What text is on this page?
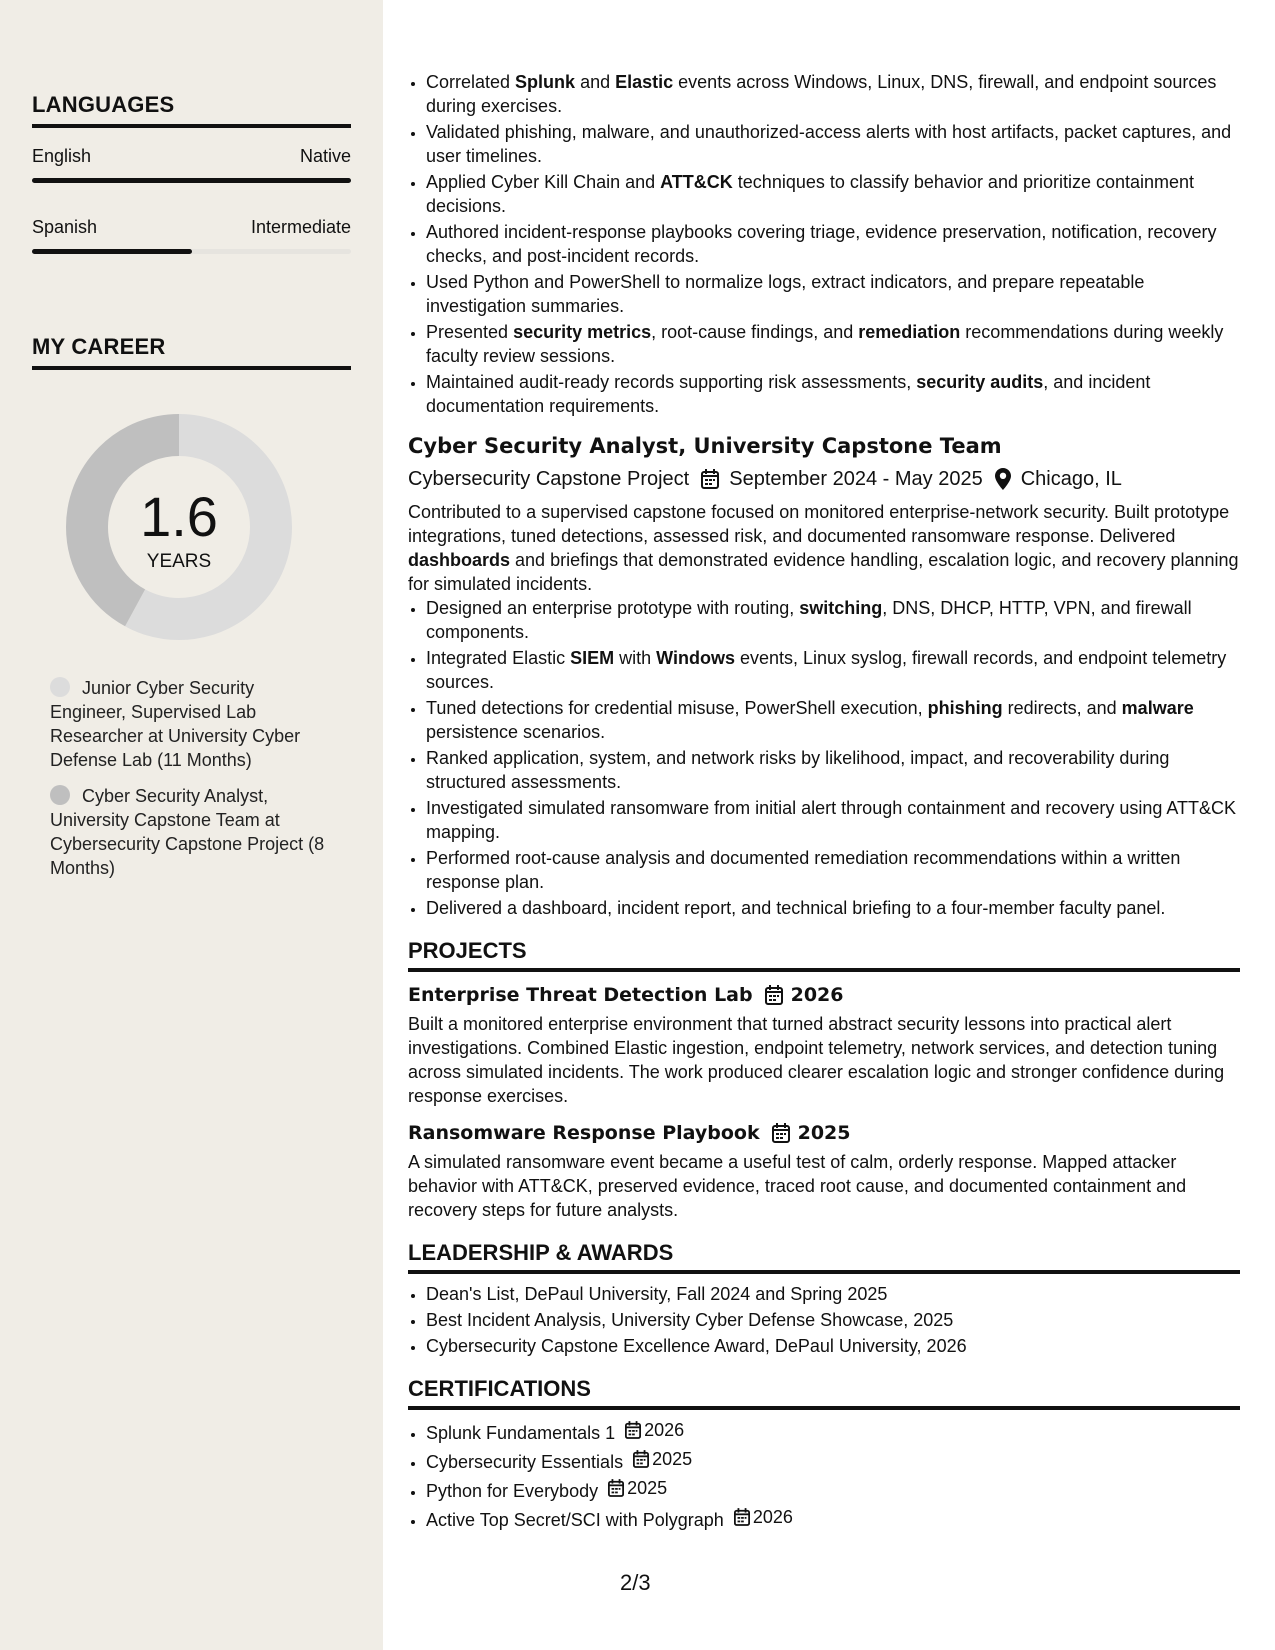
LANGUAGES
English	Native
Spanish	Intermediate
MY CAREER
1.6
YEARS
Junior Cyber Security Engineer, Supervised Lab Researcher at University Cyber Defense Lab (11 Months)
Cyber Security Analyst, University Capstone Team at Cybersecurity Capstone Project (8 Months)
• Correlated Splunk and Elastic events across Windows, Linux, DNS, firewall, and endpoint sources during exercises.
• Validated phishing, malware, and unauthorized-access alerts with host artifacts, packet captures, and user timelines.
• Applied Cyber Kill Chain and ATT&CK techniques to classify behavior and prioritize containment decisions.
• Authored incident-response playbooks covering triage, evidence preservation, notification, recovery checks, and post-incident records.
• Used Python and PowerShell to normalize logs, extract indicators, and prepare repeatable investigation summaries.
• Presented security metrics, root-cause findings, and remediation recommendations during weekly faculty review sessions.
• Maintained audit-ready records supporting risk assessments, security audits, and incident documentation requirements.
Cyber Security Analyst, University Capstone Team
Cybersecurity Capstone Project September 2024 - May 2025 Chicago, IL
Contributed to a supervised capstone focused on monitored enterprise-network security. Built prototype integrations, tuned detections, assessed risk, and documented ransomware response. Delivered dashboards and briefings that demonstrated evidence handling, escalation logic, and recovery planning for simulated incidents.
• Designed an enterprise prototype with routing, switching, DNS, DHCP, HTTP, VPN, and firewall components.
• Integrated Elastic SIEM with Windows events, Linux syslog, firewall records, and endpoint telemetry sources.
• Tuned detections for credential misuse, PowerShell execution, phishing redirects, and malware persistence scenarios.
• Ranked application, system, and network risks by likelihood, impact, and recoverability during structured assessments.
• Investigated simulated ransomware from initial alert through containment and recovery using ATT&CK mapping.
• Performed root-cause analysis and documented remediation recommendations within a written response plan.
• Delivered a dashboard, incident report, and technical briefing to a four-member faculty panel.
PROJECTS
Enterprise Threat Detection Lab 2026
Built a monitored enterprise environment that turned abstract security lessons into practical alert investigations. Combined Elastic ingestion, endpoint telemetry, network services, and detection tuning across simulated incidents. The work produced clearer escalation logic and stronger confidence during response exercises.
Ransomware Response Playbook 2025
A simulated ransomware event became a useful test of calm, orderly response. Mapped attacker behavior with ATT&CK, preserved evidence, traced root cause, and documented containment and recovery steps for future analysts.
LEADERSHIP & AWARDS
• Dean's List, DePaul University, Fall 2024 and Spring 2025
• Best Incident Analysis, University Cyber Defense Showcase, 2025
• Cybersecurity Capstone Excellence Award, DePaul University, 2026
CERTIFICATIONS
• Splunk Fundamentals 1 2026
• Cybersecurity Essentials 2025
• Python for Everybody 2025
• Active Top Secret/SCI with Polygraph 2026
2/3
